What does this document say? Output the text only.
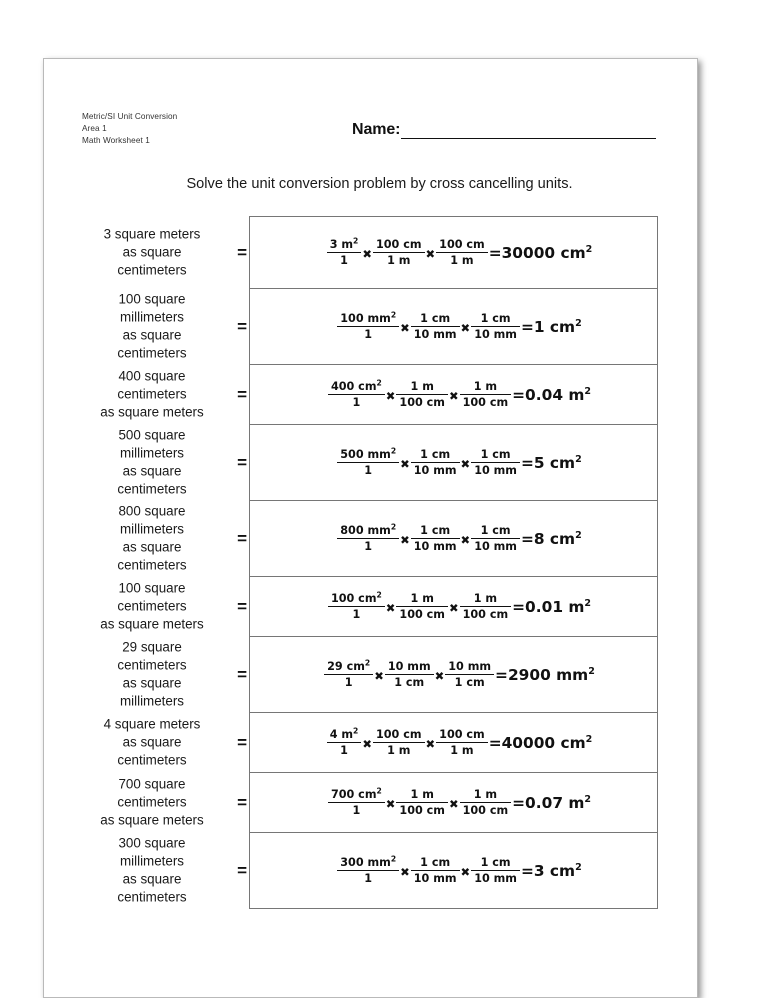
Metric/SI Unit Conversion
Area 1
Math Worksheet 1
Name:
Solve the unit conversion problem by cross cancelling units.
3 square meters
as square
centimeters
=	$\frac{3 m^2}{1}$ ✖ $\frac{100 cm}{1 m}$ ✖ $\frac{100 cm}{1 m} =30000$ $cm^2$
100 square
millimeters
as square
centimeters
=	$\frac{100 mm^2}{1}$ ✖ $\frac{1 cm}{10 mm}$ ✖ $\frac{1 cm}{10 mm} =1$ $cm^2$
400 square
centimeters
as square meters
=	$\frac{400 cm^2}{1}$ ✖ $\frac{1 m}{100 cm}$ ✖ $\frac{1 m}{100 cm} =0.04$ $m^2$
500 square
millimeters
as square
centimeters
=	$\frac{500 mm^2}{1}$ ✖ $\frac{1 cm}{10 mm}$ ✖ $\frac{1 cm}{10 mm} =5$ $cm^2$
800 square
millimeters
as square
centimeters
=	$\frac{800 mm^2}{1}$ ✖ $\frac{1 cm}{10 mm}$ ✖ $\frac{1 cm}{10 mm} =8$ $cm^2$
100 square
centimeters
as square meters
=	$\frac{100 cm^2}{1}$ ✖ $\frac{1 m}{100 cm}$ ✖ $\frac{1 m}{100 cm} =0.01$ $m^2$
29 square
centimeters
as square
millimeters
=	$\frac{29 cm^2}{1}$ ✖ $\frac{10 mm}{1 cm}$ ✖ $\frac{10 mm}{1 cm} =2900$ $mm^2$
4 square meters
as square
centimeters
=	$\frac{4 m^2}{1}$ ✖ $\frac{100 cm}{1 m}$ ✖ $\frac{100 cm}{1 m} =40000$ $cm^2$
700 square
centimeters
as square meters
=	$\frac{700 cm^2}{1}$ ✖ $\frac{1 m}{100 cm}$ ✖ $\frac{1 m}{100 cm} =0.07$ $m^2$
300 square
millimeters
as square
centimeters
=	$\frac{300 mm^2}{1}$ ✖ $\frac{1 cm}{10 mm}$ ✖ $\frac{1 cm}{10 mm} =3$ $cm^2$
